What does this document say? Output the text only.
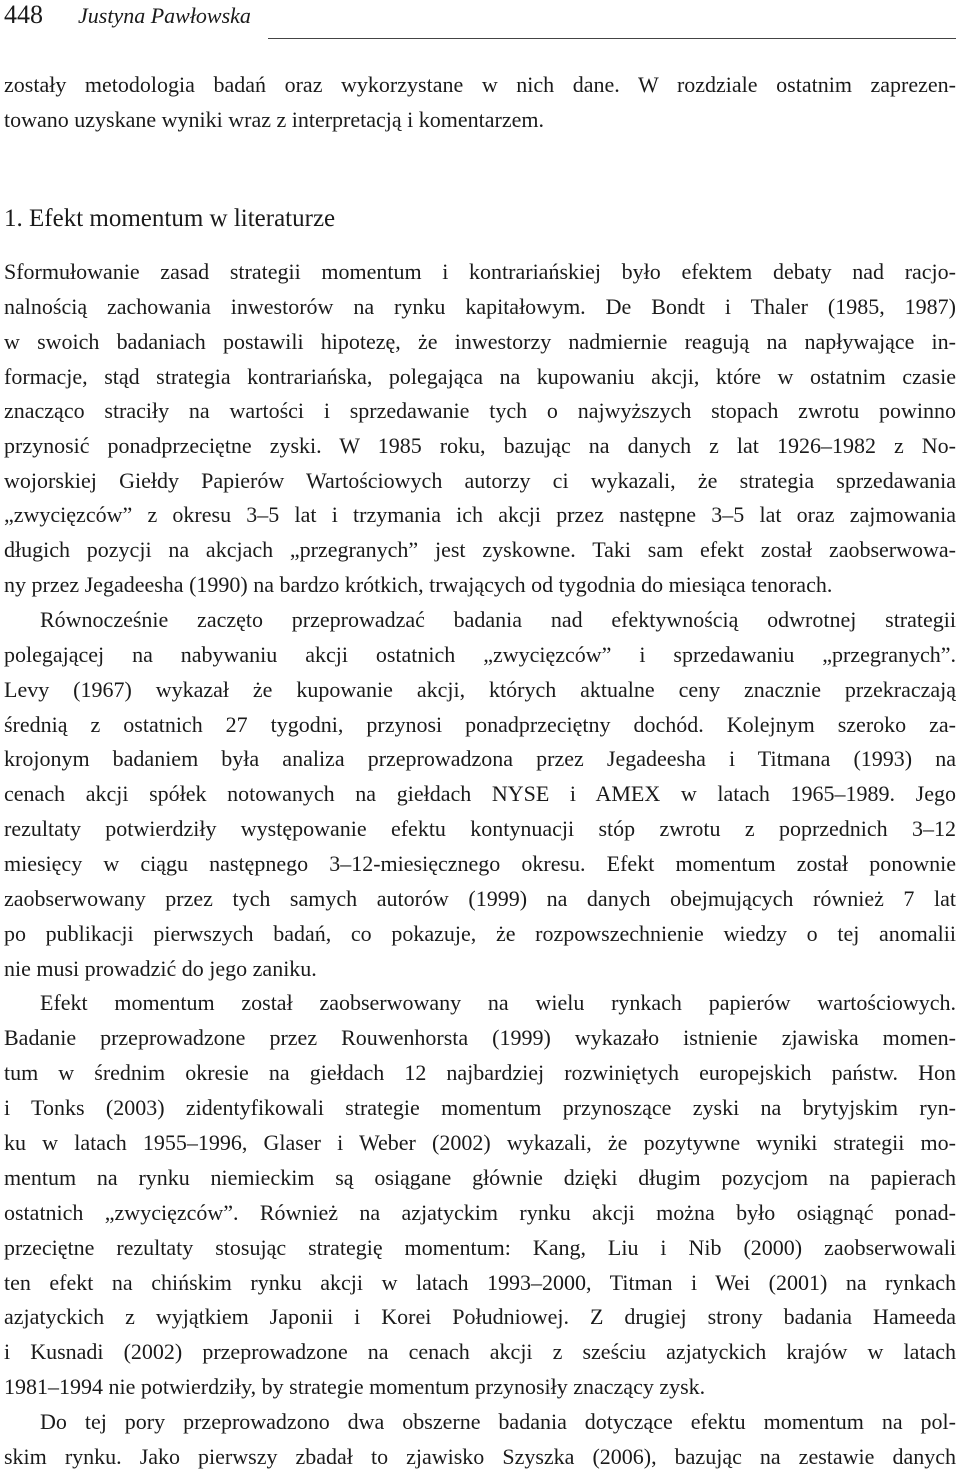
448 Justyna Pawłowska
zostały metodologia badań oraz wykorzystane w nich dane. W rozdziale ostatnim zaprezen-
towano uzyskane wyniki wraz z interpretacją i komentarzem.
1. Efekt momentum w literaturze
Sformułowanie zasad strategii momentum i kontrariańskiej było efektem debaty nad racjo-
nalnością zachowania inwestorów na rynku kapitałowym. De Bondt i Thaler (1985, 1987)
w swoich badaniach postawili hipotezę, że inwestorzy nadmiernie reagują na napływające in-
formacje, stąd strategia kontrariańska, polegająca na kupowaniu akcji, które w ostatnim czasie
znacząco straciły na wartości i sprzedawanie tych o najwyższych stopach zwrotu powinno
przynosić ponadprzeciętne zyski. W 1985 roku, bazując na danych z lat 1926–1982 z No-
wojorskiej Giełdy Papierów Wartościowych autorzy ci wykazali, że strategia sprzedawania
„zwycięzców” z okresu 3–5 lat i trzymania ich akcji przez następne 3–5 lat oraz zajmowania
długich pozycji na akcjach „przegranych” jest zyskowne. Taki sam efekt został zaobserwowa-
ny przez Jegadeesha (1990) na bardzo krótkich, trwających od tygodnia do miesiąca tenorach.
Równocześnie zaczęto przeprowadzać badania nad efektywnością odwrotnej strategii
polegającej na nabywaniu akcji ostatnich „zwycięzców” i sprzedawaniu „przegranych”.
Levy (1967) wykazał że kupowanie akcji, których aktualne ceny znacznie przekraczają
średnią z ostatnich 27 tygodni, przynosi ponadprzeciętny dochód. Kolejnym szeroko za-
krojonym badaniem była analiza przeprowadzona przez Jegadeesha i Titmana (1993) na
cenach akcji spółek notowanych na giełdach NYSE i AMEX w latach 1965–1989. Jego
rezultaty potwierdziły występowanie efektu kontynuacji stóp zwrotu z poprzednich 3–12
miesięcy w ciągu następnego 3–12-miesięcznego okresu. Efekt momentum został ponownie
zaobserwowany przez tych samych autorów (1999) na danych obejmujących również 7 lat
po publikacji pierwszych badań, co pokazuje, że rozpowszechnienie wiedzy o tej anomalii
nie musi prowadzić do jego zaniku.
Efekt momentum został zaobserwowany na wielu rynkach papierów wartościowych.
Badanie przeprowadzone przez Rouwenhorsta (1999) wykazało istnienie zjawiska momen-
tum w średnim okresie na giełdach 12 najbardziej rozwiniętych europejskich państw. Hon
i Tonks (2003) zidentyfikowali strategie momentum przynoszące zyski na brytyjskim ryn-
ku w latach 1955–1996, Glaser i Weber (2002) wykazali, że pozytywne wyniki strategii mo-
mentum na rynku niemieckim są osiągane głównie dzięki długim pozycjom na papierach
ostatnich „zwycięzców”. Również na azjatyckim rynku akcji można było osiągnąć ponad-
przeciętne rezultaty stosując strategię momentum: Kang, Liu i Nib (2000) zaobserwowali
ten efekt na chińskim rynku akcji w latach 1993–2000, Titman i Wei (2001) na rynkach
azjatyckich z wyjątkiem Japonii i Korei Południowej. Z drugiej strony badania Hameeda
i Kusnadi (2002) przeprowadzone na cenach akcji z sześciu azjatyckich krajów w latach
1981–1994 nie potwierdziły, by strategie momentum przynosiły znaczący zysk.
Do tej pory przeprowadzono dwa obszerne badania dotyczące efektu momentum na pol-
skim rynku. Jako pierwszy zbadał to zjawisko Szyszka (2006), bazując na zestawie danych
